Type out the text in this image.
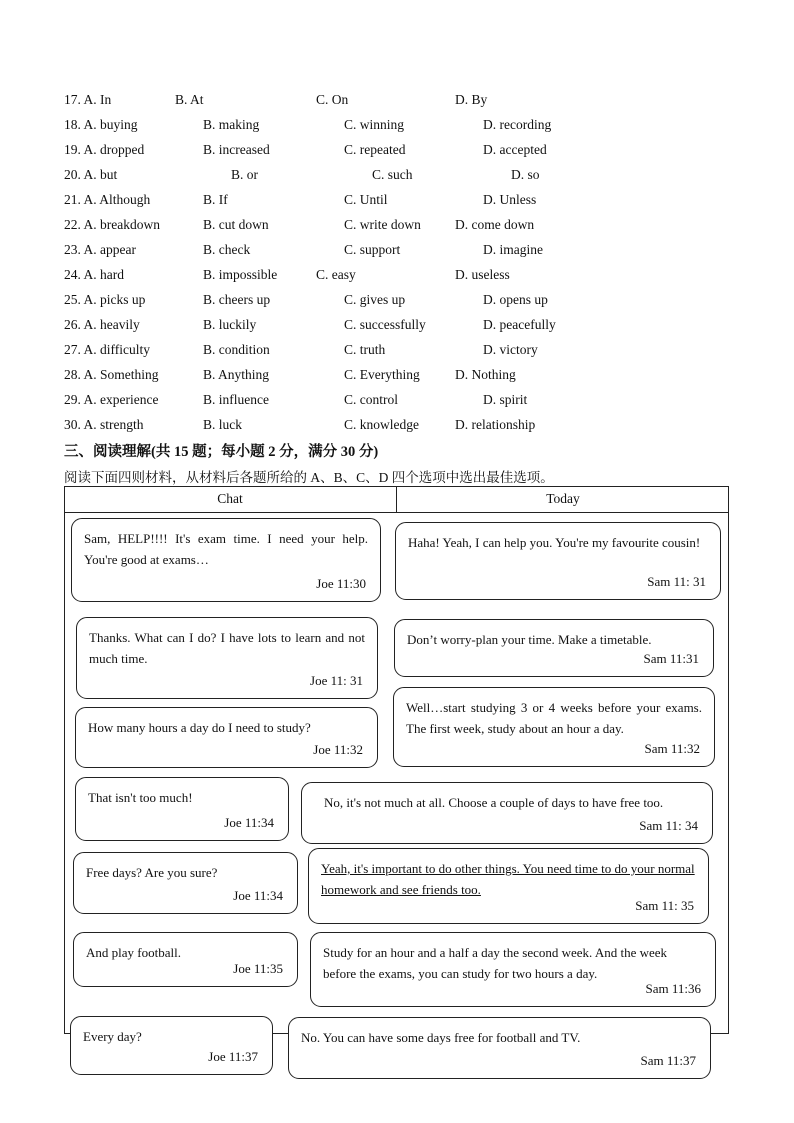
17. A. In	B. At	C. On	D. By
18. A. buying	B. making	C. winning	D. recording
19. A. dropped	B. increased	C. repeated	D. accepted
20. A. but	B. or	C. such	D. so
21. A. Although	B. If	C. Until	D. Unless
22. A. breakdown	B. cut down	C. write down	D. come down
23. A. appear	B. check	C. support	D. imagine
24. A. hard	B. impossible	C. easy	D. useless
25. A. picks up	B. cheers up	C. gives up	D. opens up
26. A. heavily	B. luckily	C. successfully	D. peacefully
27. A. difficulty	B. condition	C. truth	D. victory
28. A. Something	B. Anything	C. Everything	D. Nothing
29. A. experience	B. influence	C. control	D. spirit
30. A. strength	B. luck	C. knowledge	D. relationship
三、阅读理解(共 15 题；每小题 2 分，满分 30 分)
阅读下面四则材料，从材料后各题所给的 A、B、C、D 四个选项中选出最佳选项。
Chat	Today
Sam, HELP!!!! It's exam time. I need your help. You're good at exams…
Joe 11:30
Thanks. What can I do? I have lots to learn and not much time.
Joe 11: 31
How many hours a day do I need to study?
Joe 11:32
That isn't too much!
Joe 11:34
Free days? Are you sure?
Joe 11:34
And play football.
Joe 11:35
Every day?
Joe 11:37
Haha! Yeah, I can help you. You're my favourite cousin!
Sam 11: 31
Don’t worry-plan your time. Make a timetable.
Sam 11:31
Well…start studying 3 or 4 weeks before your exams. The first week, study about an hour a day.
Sam 11:32
No, it's not much at all. Choose a couple of days to have free too.
Sam 11: 34
Yeah, it's important to do other things. You need time to do your normal homework and see friends too.
Sam 11: 35
Study for an hour and a half a day the second week. And the week before the exams, you can study for two hours a day.
Sam 11:36
No. You can have some days free for football and TV.
Sam 11:37
